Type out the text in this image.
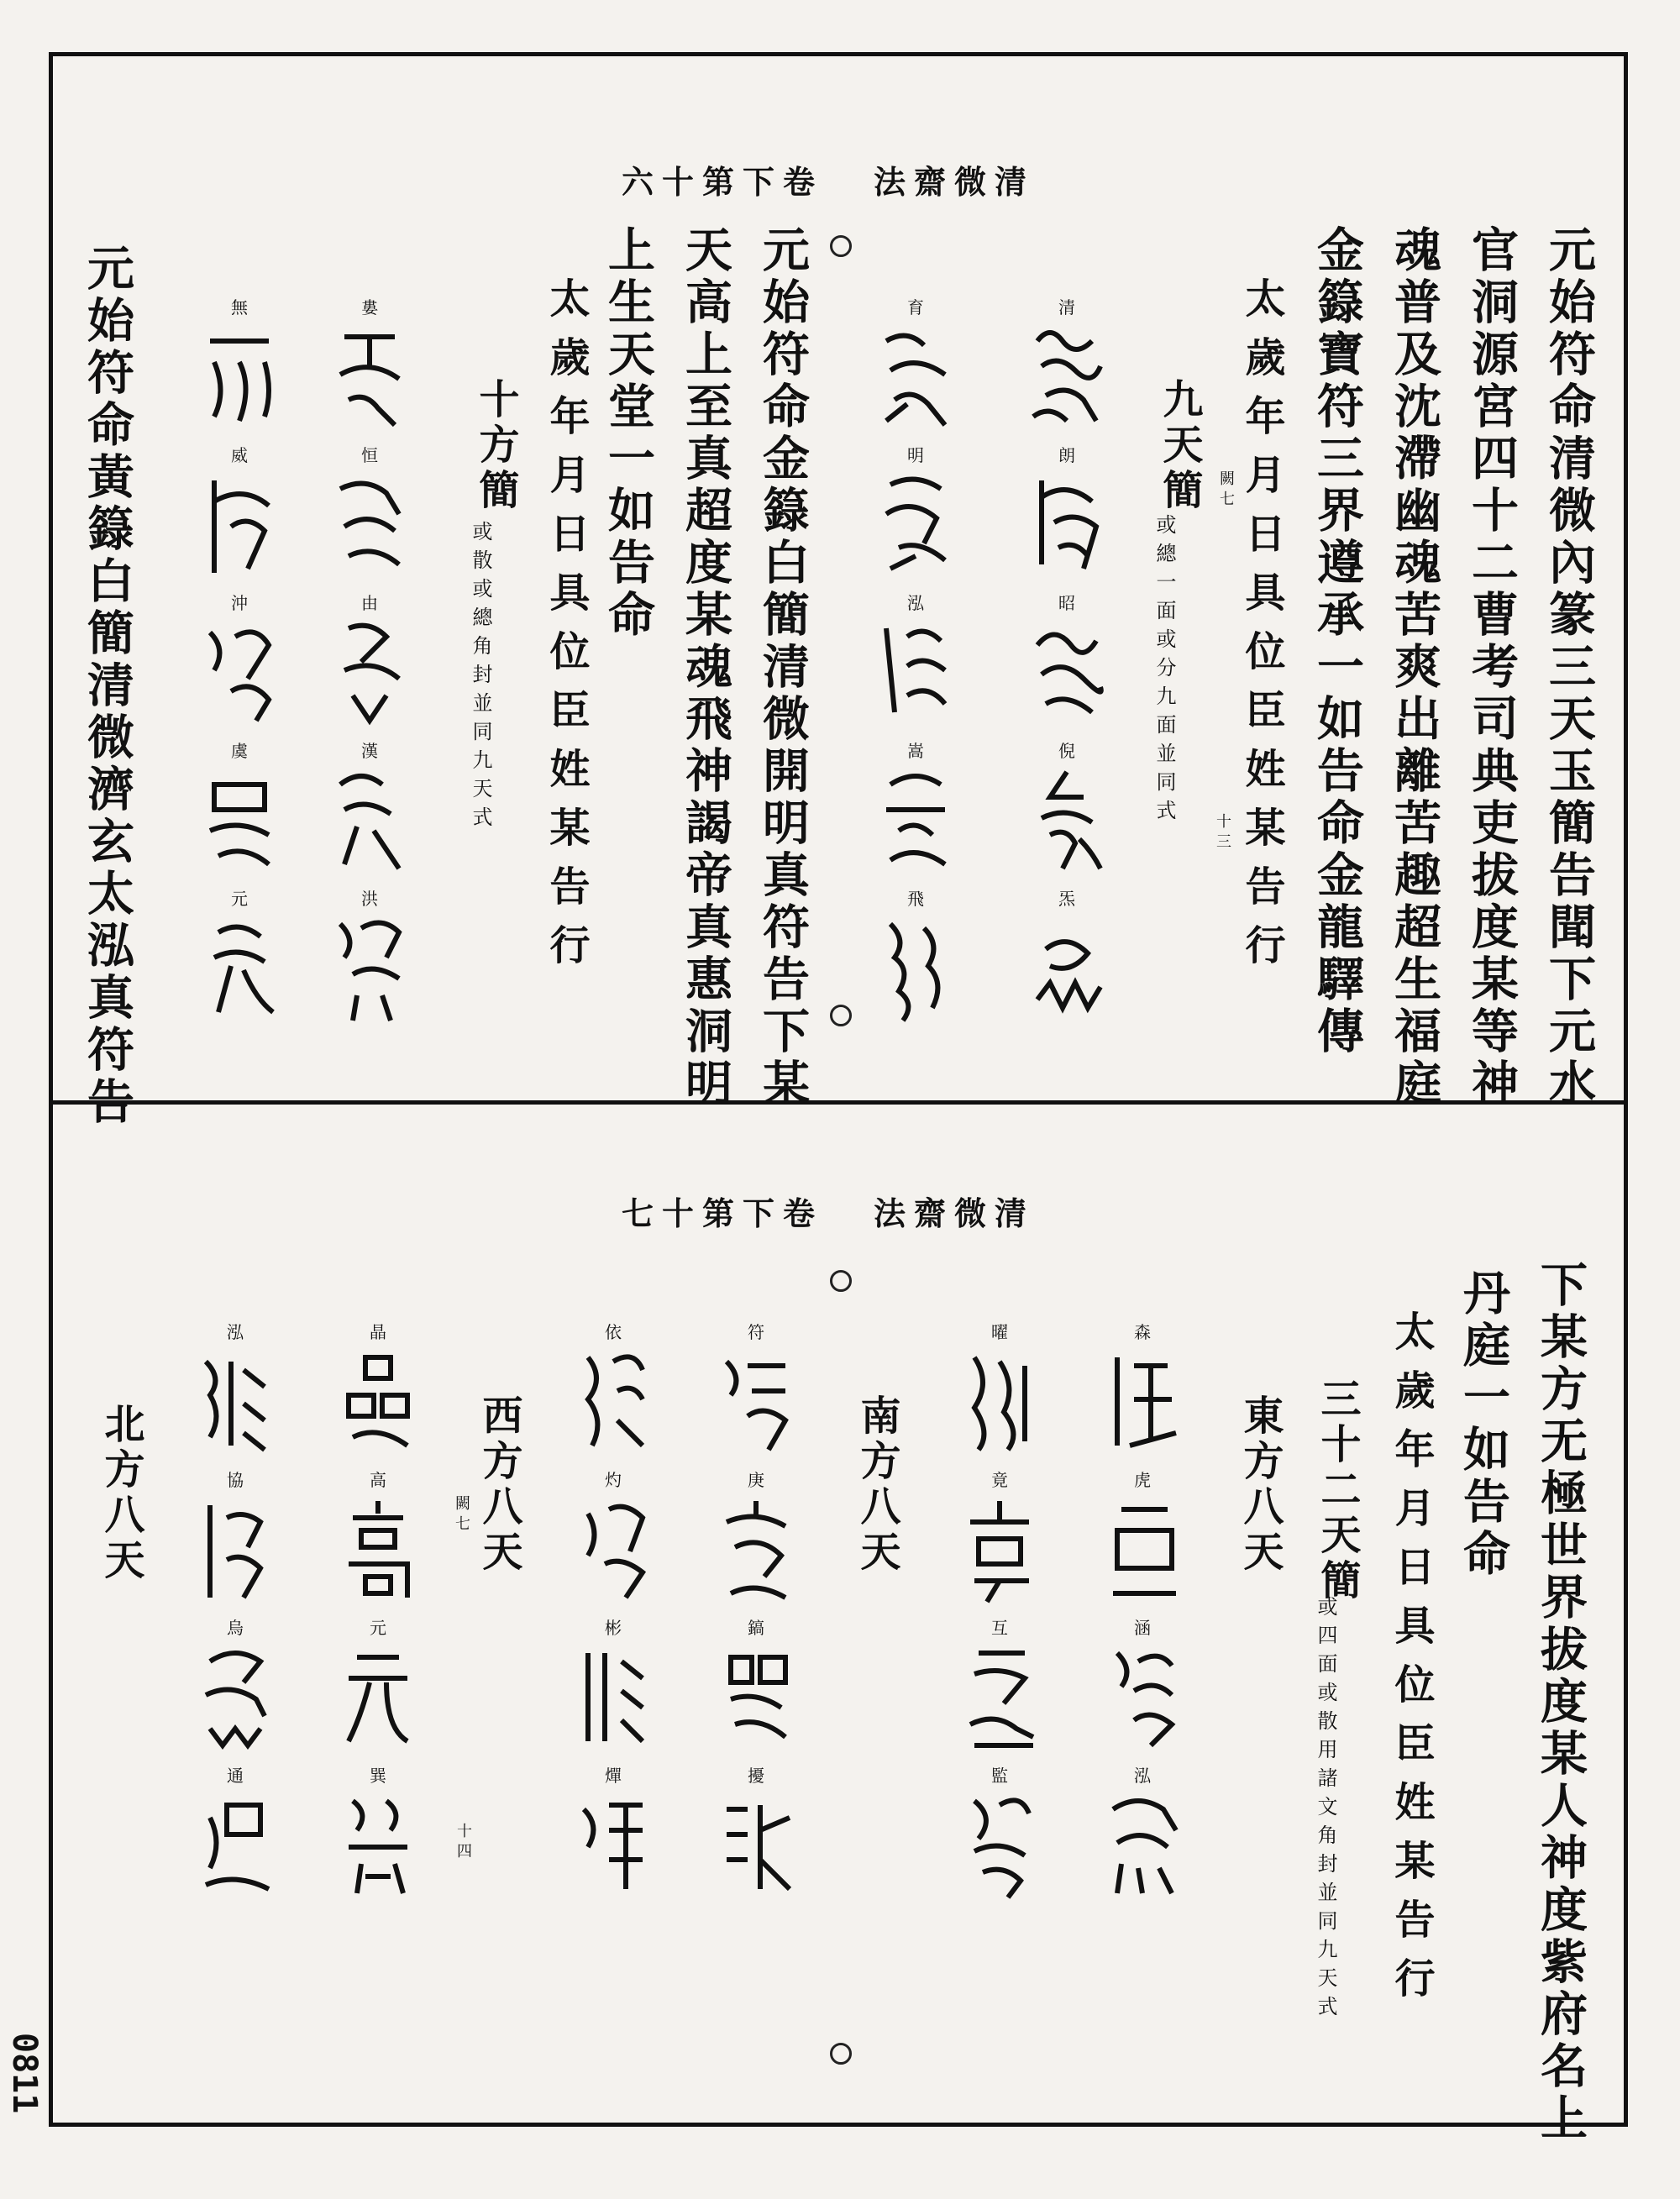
六十第下卷 法齋微清
元始符命清微內篆三天玉簡告聞下元水
官洞源宮四十二曹考司典吏拔度某等神
魂普及沈滯幽魂苦爽出離苦趣超生福庭
金籙寶符三界遵承一如告命金龍驛傳
太歲年月日具位臣姓某告行
九天簡 闕七
或總一面或分九面並同式
十三
清
朗
昭
倪
炁
育
明
泓
嵩
飛
元始符命金籙白簡清微開明真符告下某
天高上至真超度某魂飛神謁帝真惠洞明
上生天堂一如告命
太歲年月日具位臣姓某告行
十方簡
或散或總角封並同九天式
婁
恒
由
漢
洪
無
威
沖
虞
元
元始符命黃籙白簡清微濟玄太泓真符告
七十第下卷 法齋微清
下某方无極世界拔度某人神度紫府名上
丹庭一如告命
太歲年月日具位臣姓某告行
三十二天簡
或四面或散用諸文角封並同九天式
東方八天
森
虎
涵
泓
曜
竟
互
監
南方八天
符
庚
鎬
擾
依
灼
彬
燀
西方八天
闕七
十四
晶
高
元
巽
泓
協
烏
通
北方八天
0811
